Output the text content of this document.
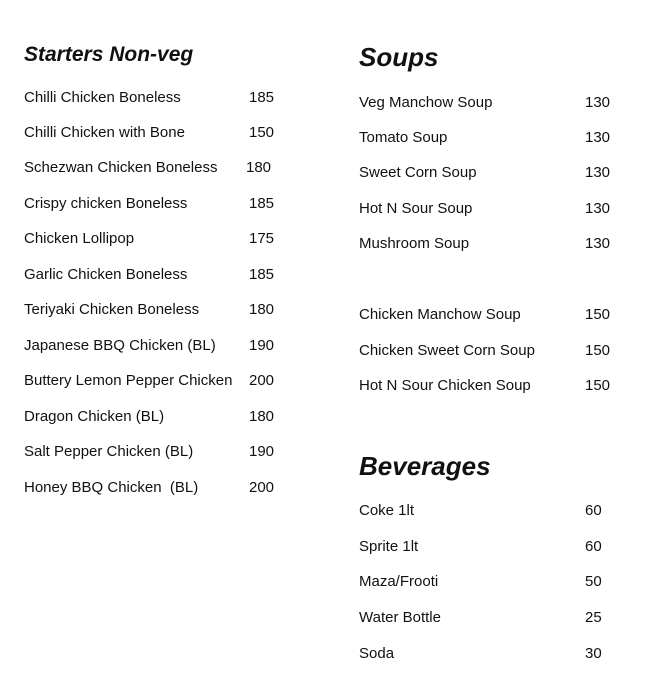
Starters Non-veg
Chilli Chicken Boneless	185
Chilli Chicken with Bone	150
Schezwan Chicken Boneless 180
Crispy chicken Boneless	185
Chicken Lollipop	175
Garlic Chicken Boneless	185
Teriyaki Chicken Boneless	180
Japanese BBQ Chicken (BL) 190
Buttery Lemon Pepper Chicken 200
Dragon Chicken (BL)	180
Salt Pepper Chicken (BL)	190
Honey BBQ Chicken  (BL)	200
Soups
Veg Manchow Soup	130
Tomato Soup	130
Sweet Corn Soup	130
Hot N Sour Soup	130
Mushroom Soup	130
Chicken Manchow Soup	150
Chicken Sweet Corn Soup	150
Hot N Sour Chicken Soup	150
Beverages
Coke 1lt	60
Sprite 1lt	60
Maza/Frooti	50
Water Bottle	25
Soda	30
